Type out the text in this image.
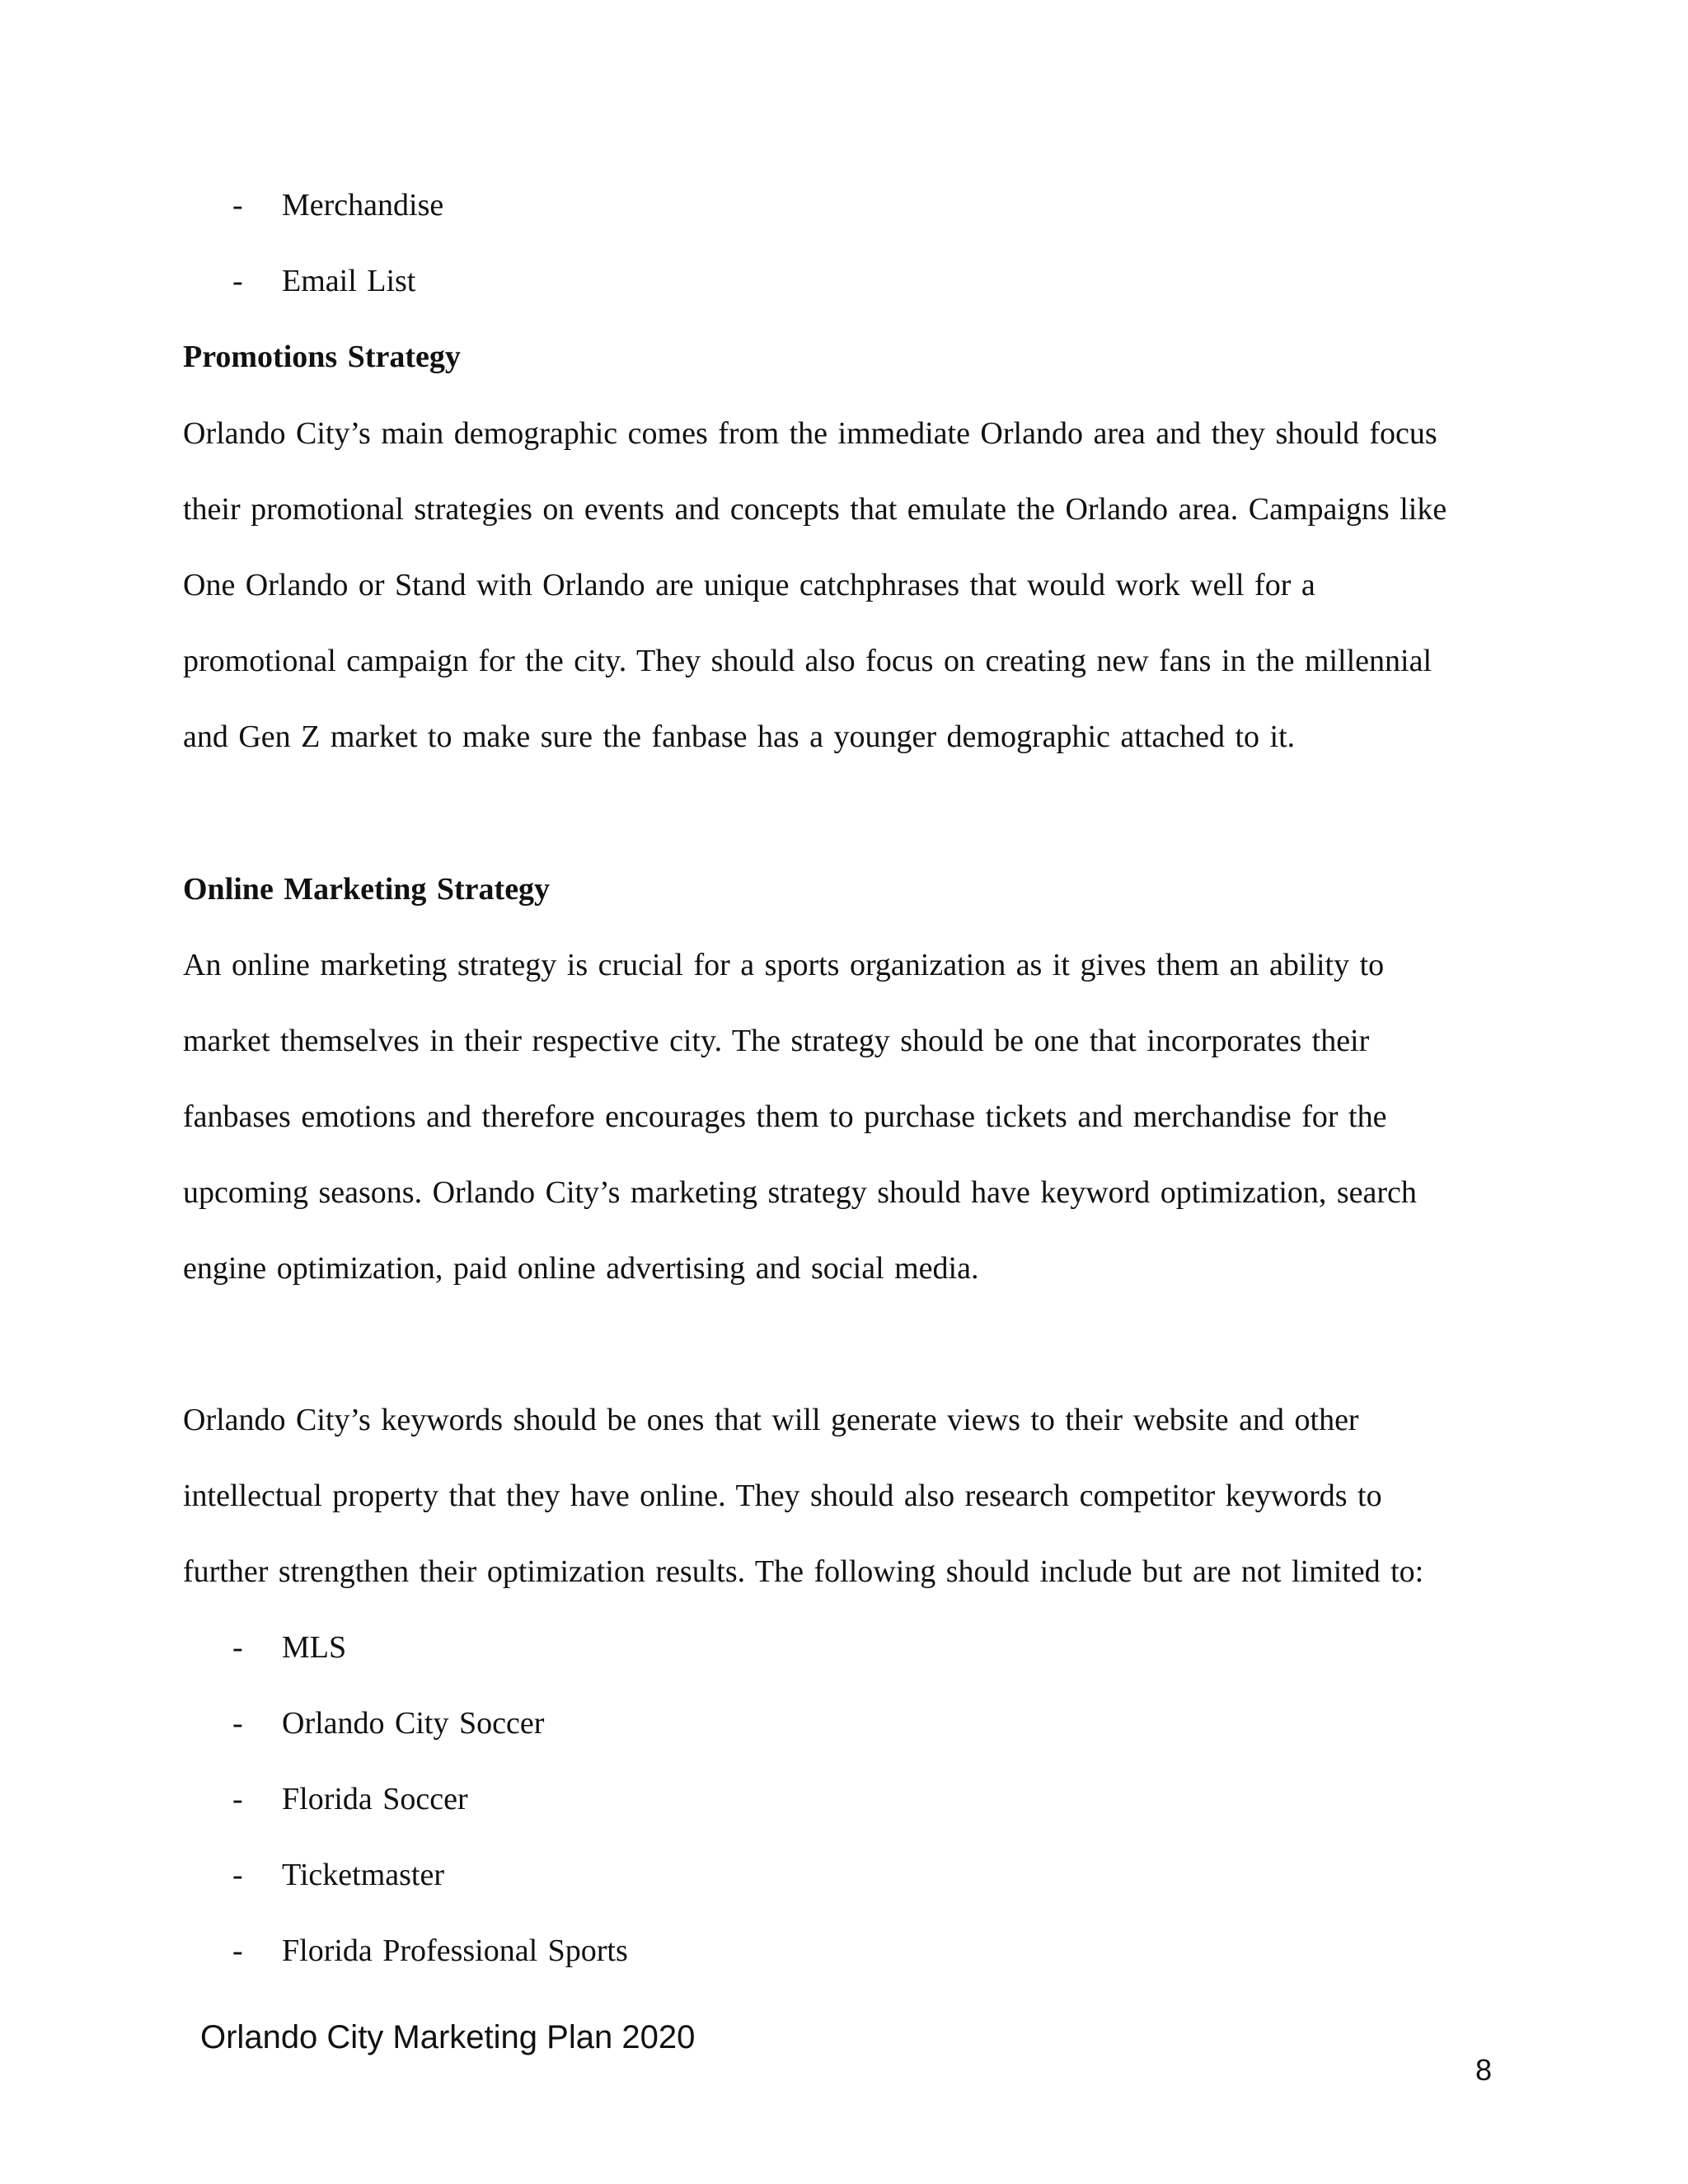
- Merchandise
- Email List
Promotions Strategy
Orlando City’s main demographic comes from the immediate Orlando area and they should focus
their promotional strategies on events and concepts that emulate the Orlando area. Campaigns like
One Orlando or Stand with Orlando are unique catchphrases that would work well for a
promotional campaign for the city. They should also focus on creating new fans in the millennial
and Gen Z market to make sure the fanbase has a younger demographic attached to it.
Online Marketing Strategy
An online marketing strategy is crucial for a sports organization as it gives them an ability to
market themselves in their respective city. The strategy should be one that incorporates their
fanbases emotions and therefore encourages them to purchase tickets and merchandise for the
upcoming seasons. Orlando City’s marketing strategy should have keyword optimization, search
engine optimization, paid online advertising and social media.
Orlando City’s keywords should be ones that will generate views to their website and other
intellectual property that they have online. They should also research competitor keywords to
further strengthen their optimization results. The following should include but are not limited to:
- MLS
- Orlando City Soccer
- Florida Soccer
- Ticketmaster
- Florida Professional Sports
Orlando City Marketing Plan 2020
8
